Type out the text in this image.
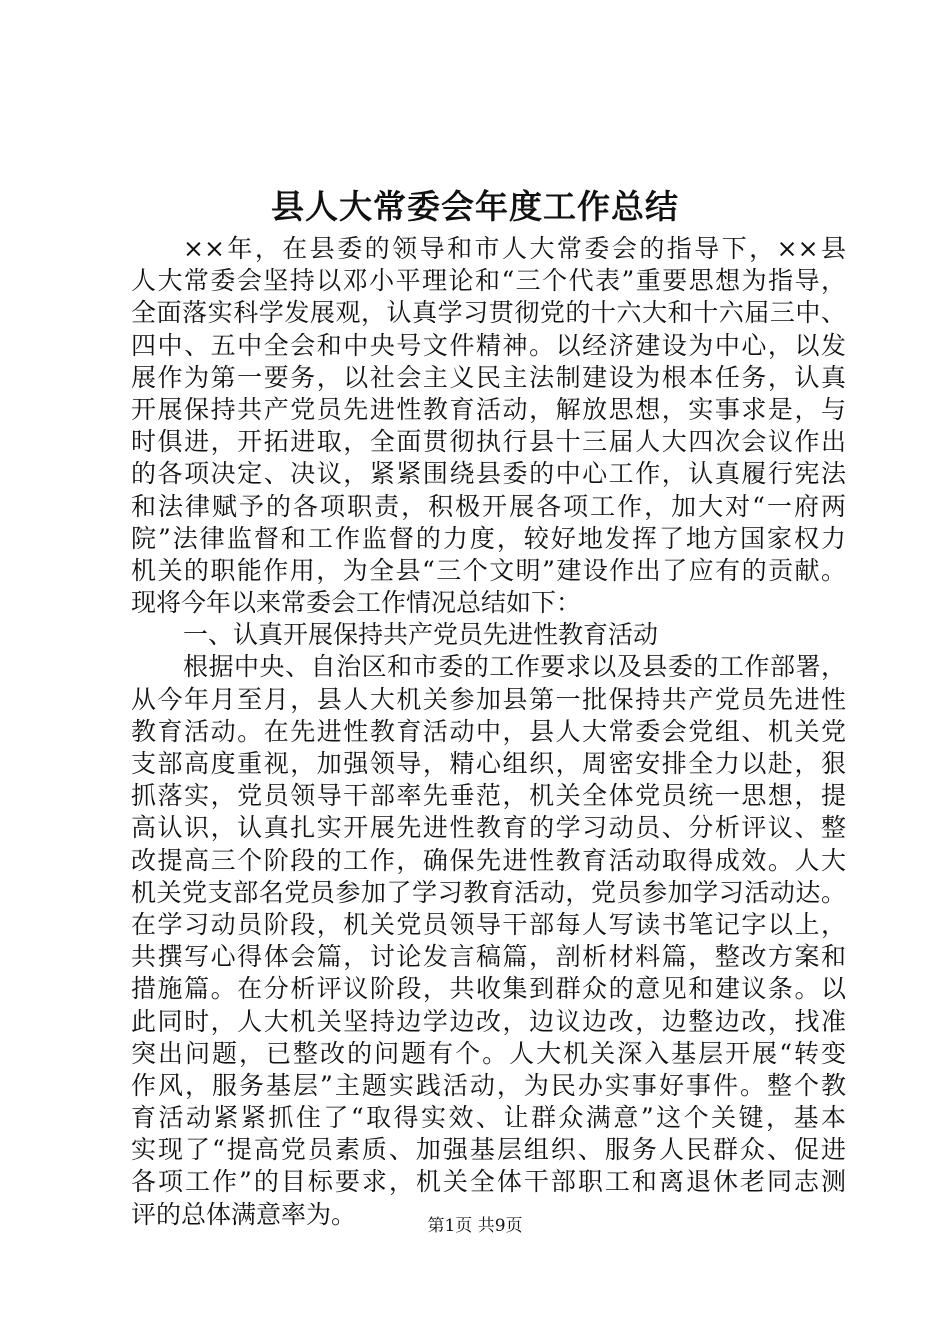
县人大常委会年度工作总结
××年，在县委的领导和市人大常委会的指导下，××县
人大常委会坚持以邓小平理论和“三个代表”重要思想为指导，
全面落实科学发展观，认真学习贯彻党的十六大和十六届三中、
四中、五中全会和中央号文件精神。以经济建设为中心，以发
展作为第一要务，以社会主义民主法制建设为根本任务，认真
开展保持共产党员先进性教育活动，解放思想，实事求是，与
时俱进，开拓进取，全面贯彻执行县十三届人大四次会议作出
的各项决定、决议，紧紧围绕县委的中心工作，认真履行宪法
和法律赋予的各项职责，积极开展各项工作，加大对“一府两
院”法律监督和工作监督的力度，较好地发挥了地方国家权力
机关的职能作用，为全县“三个文明”建设作出了应有的贡献。
现将今年以来常委会工作情况总结如下：
一、认真开展保持共产党员先进性教育活动
根据中央、自治区和市委的工作要求以及县委的工作部署，
从今年月至月，县人大机关参加县第一批保持共产党员先进性
教育活动。在先进性教育活动中，县人大常委会党组、机关党
支部高度重视，加强领导，精心组织，周密安排全力以赴，狠
抓落实，党员领导干部率先垂范，机关全体党员统一思想，提
高认识，认真扎实开展先进性教育的学习动员、分析评议、整
改提高三个阶段的工作，确保先进性教育活动取得成效。人大
机关党支部名党员参加了学习教育活动，党员参加学习活动达。
在学习动员阶段，机关党员领导干部每人写读书笔记字以上，
共撰写心得体会篇，讨论发言稿篇，剖析材料篇，整改方案和
措施篇。在分析评议阶段，共收集到群众的意见和建议条。以
此同时，人大机关坚持边学边改，边议边改，边整边改，找准
突出问题，已整改的问题有个。人大机关深入基层开展“转变
作风，服务基层”主题实践活动，为民办实事好事件。整个教
育活动紧紧抓住了“取得实效、让群众满意”这个关键，基本
实现了“提高党员素质、加强基层组织、服务人民群众、促进
各项工作”的目标要求，机关全体干部职工和离退休老同志测
评的总体满意率为。	第1页 共9页
